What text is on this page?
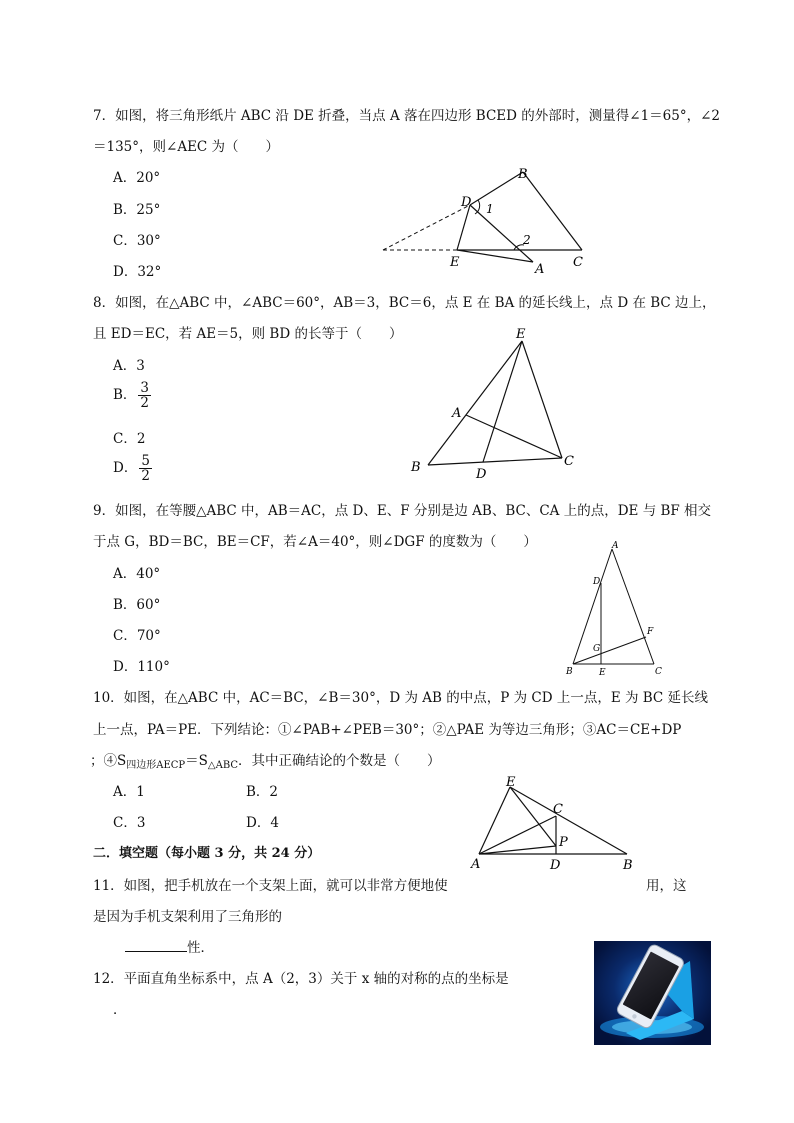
7．如图，将三角形纸片 ABC 沿 DE 折叠，当点 A 落在四边形 BCED 的外部时，测量得∠1＝65°，∠2
＝135°，则∠AEC 为（　　）
A．20°
B．25°
C．30°
D．32°
B
D 1
2
E	A C
8．如图，在△ABC 中，∠ABC＝60°，AB＝3，BC＝6，点 E 在 BA 的延长线上，点 D 在 BC 边上，
且 ED＝EC，若 AE＝5，则 BD 的长等于（　　）
A．3
B． $\frac{3}{2}$
C．2
D． $\frac{5}{2}$
E
A
B	D
C
9．如图，在等腰△ABC 中，AB＝AC，点 D、E、F 分别是边 AB、BC、CA 上的点，DE 与 BF 相交
于点 G，BD＝BC，BE＝CF，若∠A＝40°，则∠DGF 的度数为（　　）
A．40°
B．60°
C．70°
D．110°
A
D
F
G
B	E	C
10．如图，在△ABC 中，AC＝BC，∠B＝30°，D 为 AB 的中点，P 为 CD 上一点，E 为 BC 延长线
上一点，PA＝PE．下列结论：①∠PAB+∠PEB＝30°；②△PAE 为等边三角形；③AC＝CE+DP
；$④S_{四边形AECP}=S_{\triangle ABC}$．其中正确结论的个数是（　　）
A．1	B．2
C．3	D．4
E
C
P
A	D	B
二．填空题（每小题 3 分，共 24 分）
11．如图，把手机放在一个支架上面，就可以非常方便地使	用，这
是因为手机支架利用了三角形的
性．
12．平面直角坐标系中，点 A（2，3）关于 x 轴的对称的点的坐标是
．
